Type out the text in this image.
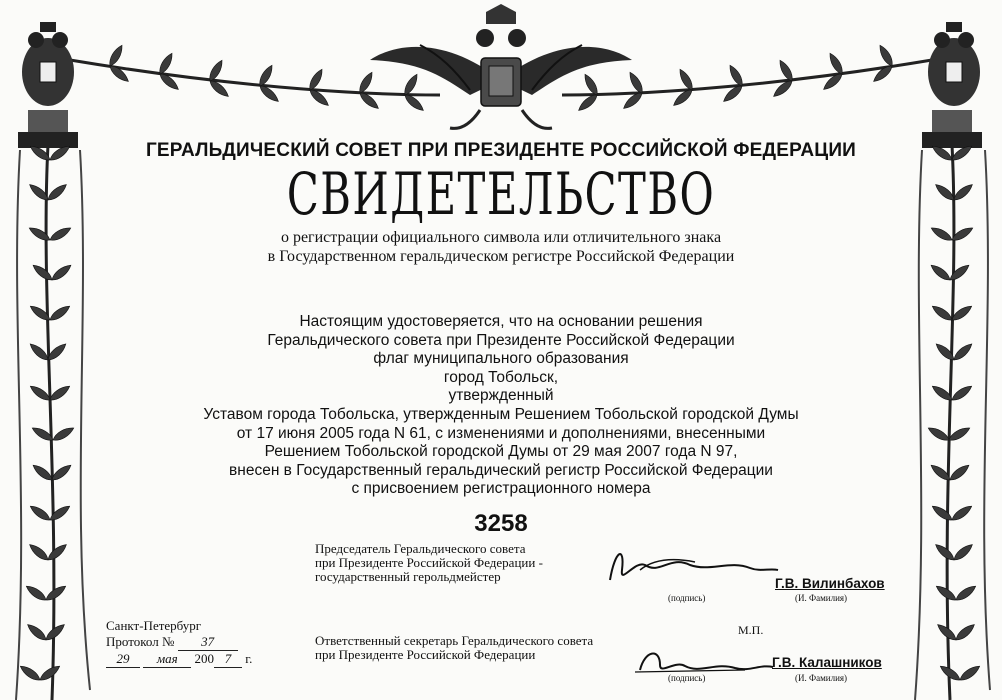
ГЕРАЛЬДИЧЕСКИЙ СОВЕТ ПРИ ПРЕЗИДЕНТЕ РОССИЙСКОЙ ФЕДЕРАЦИИ
СВИДЕТЕЛЬСТВО
о регистрации официального символа или отличительного знака
в Государственном геральдическом регистре Российской Федерации
Настоящим удостоверяется, что на основании решения
Геральдического совета при Президенте Российской Федерации
флаг муниципального образования
город Тобольск,
утвержденный
Уставом города Тобольска, утвержденным Решением Тобольской городской Думы
от 17 июня 2005 года N 61, с изменениями и дополнениями, внесенными
Решением Тобольской городской Думы от 29 мая 2007 года N 97,
внесен в Государственный геральдический регистр Российской Федерации
с присвоением регистрационного номера
3258
Председатель Геральдического совета
при Президенте Российской Федерации -
государственный герольдмейстер	Г.В. Вилинбахов
(подпись)	(И. Фамилия)
Санкт-Петербург
Протокол № 37
29 мая 200 7 г.
М.П.
Ответственный секретарь Геральдического совета
при Президенте Российской Федерации
Г.В. Калашников
(подпись)	(И. Фамилия)
